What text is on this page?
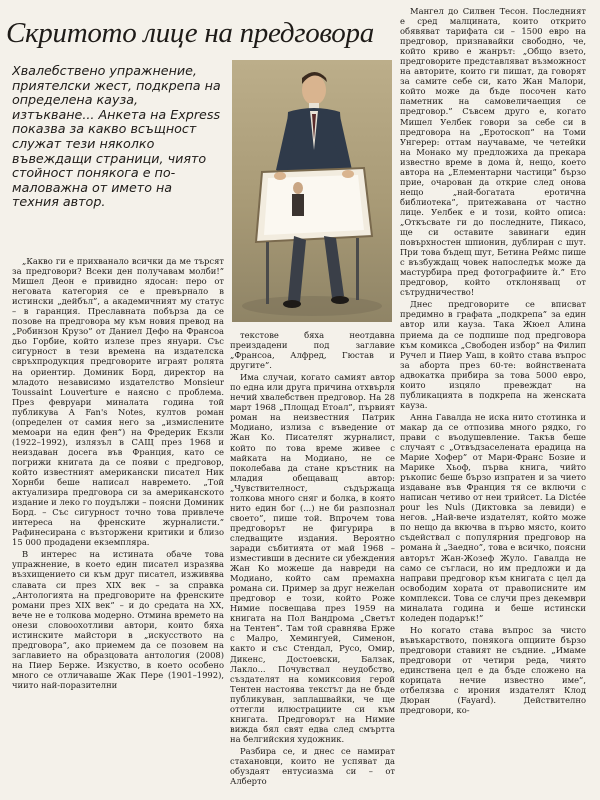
Скритото лице на предговора
Хвалебствено упражнение, приятелски жест, подкрепа на определена кауза, изтъкване... Анкета на Express показва за какво всъщност служат тези няколко въвеждащи страници, чиято стойност понякога е по-маловажна от името на техния автор.

„Какво ги е прихванало всички да ме търсят за предговори? Всеки ден получавам молби!” Мишел Деон е привидно ядосан: перо от неговата категория се е превърнало в истински „дейбъл”, а академичният му статус – в гаранция. Преславната побърза да се позове на предговора му към новия превод на „Робинзон Крузо” от Даниел Дефо на Франсоа дьо Горбие, който излезе през януари. Със сигурност в тези времена на издателска свръхпродукция предговорите играят ролята на ориентир. Доминик Борд, директор на младото независимо издателство Monsieur Toussaint Louverture е наясно с проблема. През февруари миналата година той публикува A Fan's Notes, култов роман (определен от самия него за „измислените мемоари на един фен”) на Фредерик Екзли (1922–1992), излязъл в САЩ през 1968 и неиздаван досега във Франция, като се погрижи книгата да се появи с предговор, който известният американски писател Ник Хорнби беше написал навремето. „Той актуализира предговора си за американското издание и леко го поудължи – поясни Доминик Борд. – Със сигурност точно това привлече интереса на френските журналисти.” Рафинесирана с възторжени критики и близо 15 000 продадени екземпляра.

В интерес на истината обаче това упражнение, в което един писател изразява възхищението си към друг писател, изживява славата си през XIX век – за справка „Антологията на предговорите на френските романи през XIX век” – и до средата на XX, вече не е толкова модерно. Отмина времето на онези словоохотливи автори, които бяха истинските майстори в „искусството на предговора”, ако приемем да се позовем на заглавието на образцовата антология (2008) на Пиер Берже. Изкуство, в което особено много се отличаваше Жак Пере (1901–1992), чиито най-поразителни

текстове бяха неотдавна преиздадени под заглавие „Франсоа, Алфред, Гюстав и другите”.

Има случаи, когато самият автор по една или друга причина отхвърля нечий хвалебствен предговор. На 28 март 1968 „Площад Етоал”, първият роман на неизвестния Патрик Модиано, излиза с въведение от Жан Ко. Писателят журналист, който по това време живее с майката на Модиано, не се поколебава да стане кръстник на младия обещаващ автор: „Чувствителност, съдържаща толкова много сняг и болка, в която нито един бог (...) не би разпознал своето”, пише той. Впрочем това предговорът не фигурира в следващите издания. Вероятно заради събитията от май 1968 – изместивши в десните си убеждения Жан Ко можеше да навреди на Модиано, който сам премахна романа си. Пример за друг нежелан предговор е този, който Роже Нимие посвещава през 1959 на книгата на Пол Вандрома „Светът на Тентен”. Там той сравнява Ерже с Малро, Хемингуей, Сименон, както и със Стендал, Русо, Омир, Дикенс, Достоевски, Балзак, Лакло... Почувствал неудобство, създателят на комиксовия герой Тентен настоява текстът да не бъде публикуван, заплашвайки, че ще оттегли илюстрациите си към книгата. Предговорът на Нимие вижда бял свят едва след смъртта на белгийския художник.

Разбира се, и днес се намират стахановци, които не успяват да обуздаят ентусиазма си – от Алберто

Мангел до Силвен Тесон. Последният е сред малцината, които открито обявяват тарифата си – 1500 евро на предговор, признавайки свободно, че, който криво е жанрът: „Общо взето, предговорите представляват възможност на авторите, които ги пишат, да говорят за самите себе си, като Жан Малори, който може да бъде посочен като паметник на самовеличаещия се предговор.” Съвсем друго е, когато Мишел Уелбек говори за себе си в предговора на „Еротоскоп” на Томи Унгерер: оттам научаваме, че четейки на Монако му предложиха да прекара известно време в дома ѝ, нещо, което автора на „Елементарни частици” бързо прие, очарован да открие след онова нещо „най-богатата еротична библиотека”, притежавана от частно лице. Уелбек е и този, който описа: „Откъсвате ги до последните, Пикасо, ще си оставите завинаги един повърхностен шпионин, дублиран с шут. При това бъдещ шут, Бетина Реймс пише с възбуждащ човек напоследък може да мастурбира пред фотографиите ѝ.” Ето предговор, който отклоняващ от сътрудничество!

Днес предговорите се вписват предимно в графата „подкрепа” за един автор или кауза. Така Жюел Алина приема да се подпише под предговора към комикса „Свободен избор” на Филип Ручел и Пиер Уаш, в който става въпрос за аборта през 60-те: войнствената адвокатка прибира за това 5000 евро, които изцяло превеждат на публикацията в подкрепа на женската кауза.

Анна Гавалда не иска нито стотинка и макар да се отпозива много рядко, го прави с въодушевление. Такъв беше случаят с „Отвъдзаселената ерадица на Марие Хофер” от Мари-Франс Бозие и Марике Хьоф, първа книга, чийто ръкопис беше бързо изпратен и за чието издаване във Франция тя се включи с написан четиво от неи трийсет. La Dictée pour les Nuls (Диктовка за левиди) е негов. „Най-вече издателят, който може по нещо да вкючва в първо място, които съдействал с популярния предговор на романа ѝ „Заедно”, това е всичко, поясни авторът Жан-Жозеф Жуло. Гавалда не само се съгласи, но им предложи и да направи предговор към книгата с цел да освободим хората от правописните им комплекси. Това се случи през декември миналата година и беше истински коледен подарък!”

Но когато става въпрос за чисто въвъкарството, понякога опциите бързо предговори ставият не съдние. „Имаме предговори от четири реда, чиято единствена цел е да бъде сложено на корицата нечие известно име”, отбелязва с ирония издателят Клод Дюран (Fayard). Действително предговори, ко-
